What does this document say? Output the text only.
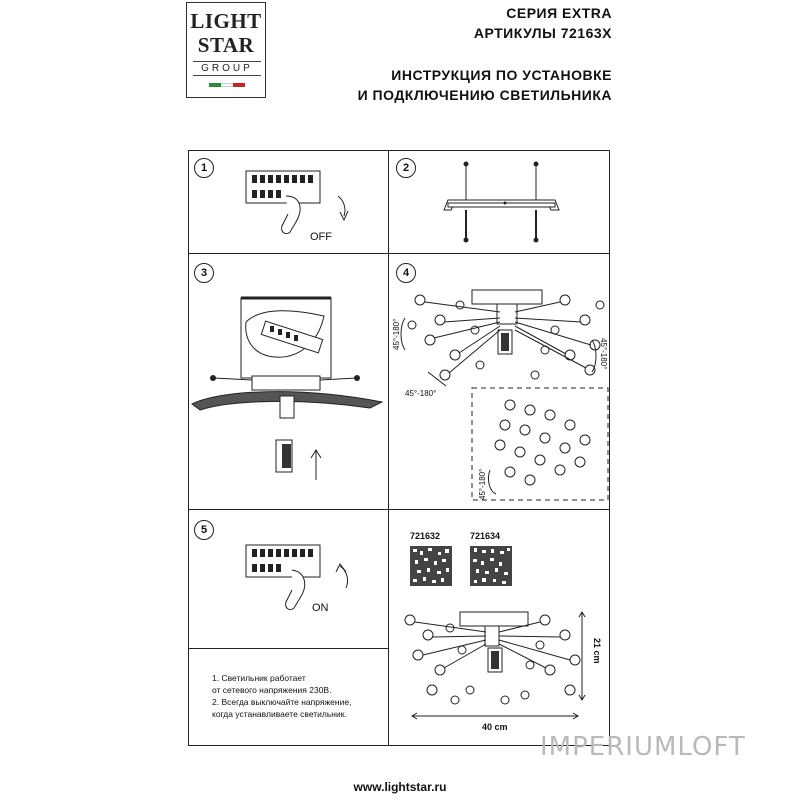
LIGHT
STAR
GROUP
СЕРИЯ EXTRA
АРТИКУЛЫ 72163X
ИНСТРУКЦИЯ ПО УСТАНОВКЕ
И ПОДКЛЮЧЕНИЮ СВЕТИЛЬНИКА
1
OFF
2
3	4
45°-180°
45°-180°
45°-180°
45°-180°
5
ON
1. Светильник работает
от сетевого напряжения 230В.
2. Всегда выключайте напряжение,
когда устанавливаете светильник.
721632	721634
21 cm
40 cm
www.lightstar.ru
IMPERIUMLOFT
